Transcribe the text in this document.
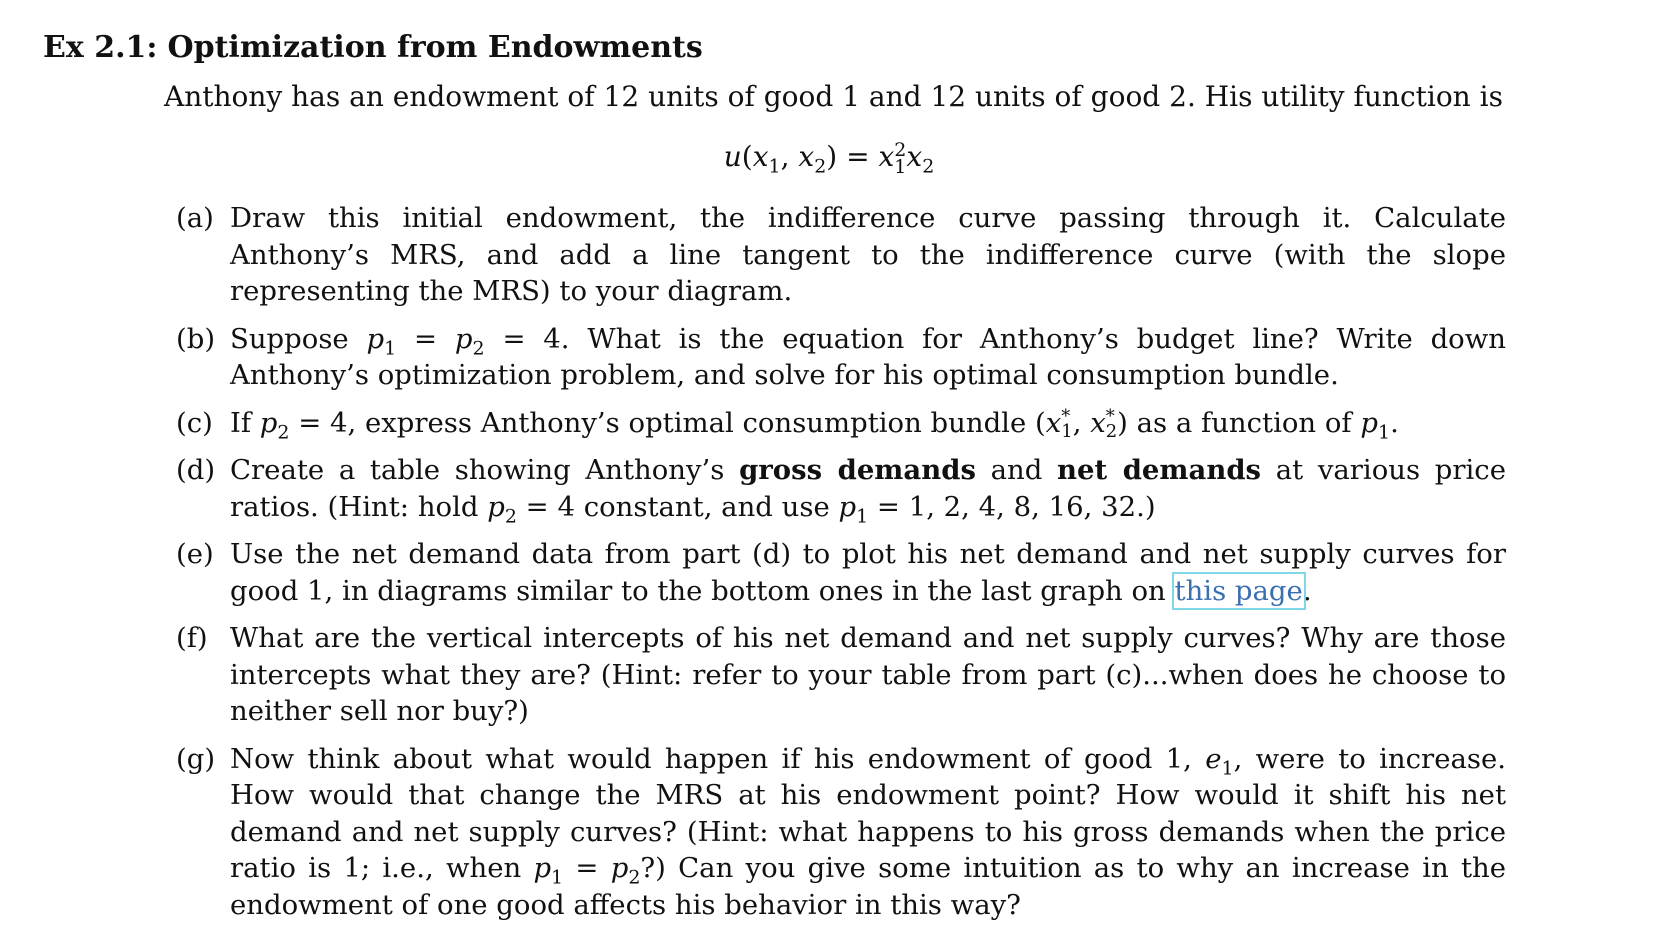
Ex 2.1: Optimization from Endowments
Anthony has an endowment of 12 units of good 1 and 12 units of good 2. His utility function is
$u(x_1$, $x_2) = x$ 2
1 $x_2$
(a) Draw this initial endowment, the indifference curve passing through it. Calculate Anthony’s MRS, and add a line tangent to the indifference curve (with the slope representing the MRS) to your diagram.
(b) Suppose $p_1 = p_2 = 4$. What is the equation for Anthony’s budget line? Write down Anthony’s optimization problem, and solve for his optimal consumption bundle.
(c) If $p_2 = 4$, express Anthony’s optimal consumption bundle (x *
1 , x *
2 ) as a function of $p_1$.
(d) Create a table showing Anthony’s gross demands and net demands at various price ratios. (Hint: hold $p_2 = 4$ constant, and use $p_1 = 1$, 2, 4, 8, 16, 32.)
(e) Use the net demand data from part (d) to plot his net demand and net supply curves for good 1, in diagrams similar to the bottom ones in the last graph on this page.
(f) What are the vertical intercepts of his net demand and net supply curves? Why are those intercepts what they are? (Hint: refer to your table from part (c)...when does he choose to neither sell nor buy?)
(g) Now think about what would happen if his endowment of good 1, $e_1$, were to increase. How would that change the MRS at his endowment point? How would it shift his net demand and net supply curves? (Hint: what happens to his gross demands when the price ratio is 1; i.e., when $p_1$ = $p_2$?) Can you give some intuition as to why an increase in the endowment of one good affects his behavior in this way?
